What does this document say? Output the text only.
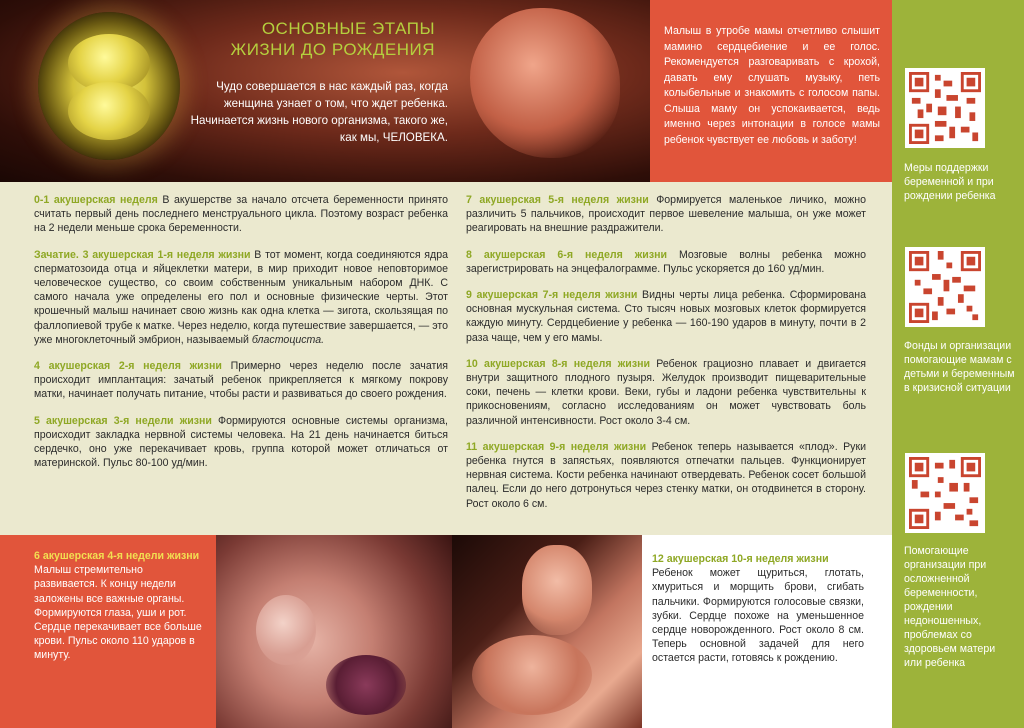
ОСНОВНЫЕ ЭТАПЫ
ЖИЗНИ ДО РОЖДЕНИЯ
Чудо совершается в нас каждый раз, когда женщина узнает о том, что ждет ребенка. Начинается жизнь нового организма, такого же, как мы, ЧЕЛОВЕКА.

Малыш в утробе мамы отчетливо слышит мамино сердцебиение и ее голос. Рекомендуется разговаривать с крохой, давать ему слушать музыку, петь колыбельные и знакомить с голосом папы. Слыша маму он успокаивается, ведь именно через интонации в голосе мамы ребенок чувствует ее любовь и заботу!

Меры поддержки беременной и при рождении ребенка
Фонды и организации помогающие мамам с детьми и беременным в кризисной ситуации
Помогающие организации при осложненной беременности, рождении недоношенных, проблемах со здоровьем матери или ребенка

0-1 акушерская неделя В акушерстве за начало отсчета беременности принято считать первый день последнего менструального цикла. Поэтому возраст ребенка на 2 недели меньше срока беременности.

Зачатие. 3 акушерская 1-я неделя жизни В тот момент, когда соединяются ядра сперматозоида отца и яйцеклетки матери, в мир приходит новое неповторимое человеческое существо, со своим собственным уникальным набором ДНК. С самого начала уже определены его пол и основные физические черты. Этот крошечный малыш начинает свою жизнь как одна клетка — зигота, скользящая по фаллопиевой трубе к матке. Через неделю, когда путешествие завершается, — это уже многоклеточный эмбрион, называемый бластоциста.

4 акушерская 2-я неделя жизни Примерно через неделю после зачатия происходит имплантация: зачатый ребенок прикрепляется к мягкому покрову матки, начинает получать питание, чтобы расти и развиваться до своего рождения.

5 акушерская 3-я недели жизни Формируются основные системы организма, происходит закладка нервной системы человека. На 21 день начинается биться сердечко, оно уже перекачивает кровь, группа которой может отличаться от материнской. Пульс 80-100 уд/мин.

7 акушерская 5-я неделя жизни Формируется маленькое личико, можно различить 5 пальчиков, происходит первое шевеление малыша, он уже может реагировать на внешние раздражители.

8 акушерская 6-я неделя жизни Мозговые волны ребенка можно зарегистрировать на энцефалограмме. Пульс ускоряется до 160 уд/мин.

9 акушерская 7-я неделя жизни Видны черты лица ребенка. Сформирована основная мускульная система. Сто тысяч новых мозговых клеток формируется каждую минуту. Сердцебиение у ребенка — 160-190 ударов в минуту, почти в 2 раза чаще, чем у его мамы.

10 акушерская 8-я неделя жизни Ребенок грациозно плавает и двигается внутри защитного плодного пузыря. Желудок производит пищеварительные соки, печень — клетки крови. Веки, губы и ладони ребенка чувствительны к прикосновениям, согласно исследованиям он может чувствовать боль различной интенсивности. Рост около 3-4 см.

11 акушерская 9-я неделя жизни Ребенок теперь называется «плод». Руки ребенка гнутся в запястьях, появляются отпечатки пальцев. Функционирует нервная система. Кости ребенка начинают отвердевать. Ребенок сосет большой палец. Если до него дотронуться через стенку матки, он отодвинется в сторону. Рост около 6 см.

6 акушерская 4-я недели жизни
Малыш стремительно развивается. К концу недели заложены все важные органы. Формируются глаза, уши и рот. Сердце перекачивает все больше крови. Пульс около 110 ударов в минуту.

12 акушерская 10-я неделя жизни
Ребенок может щуриться, глотать, хмуриться и морщить брови, сгибать пальчики. Формируются голосовые связки, зубки. Сердце похоже на уменьшенное сердце новорожденного. Рост около 8 см. Теперь основной задачей для него остается расти, готовясь к рождению.
